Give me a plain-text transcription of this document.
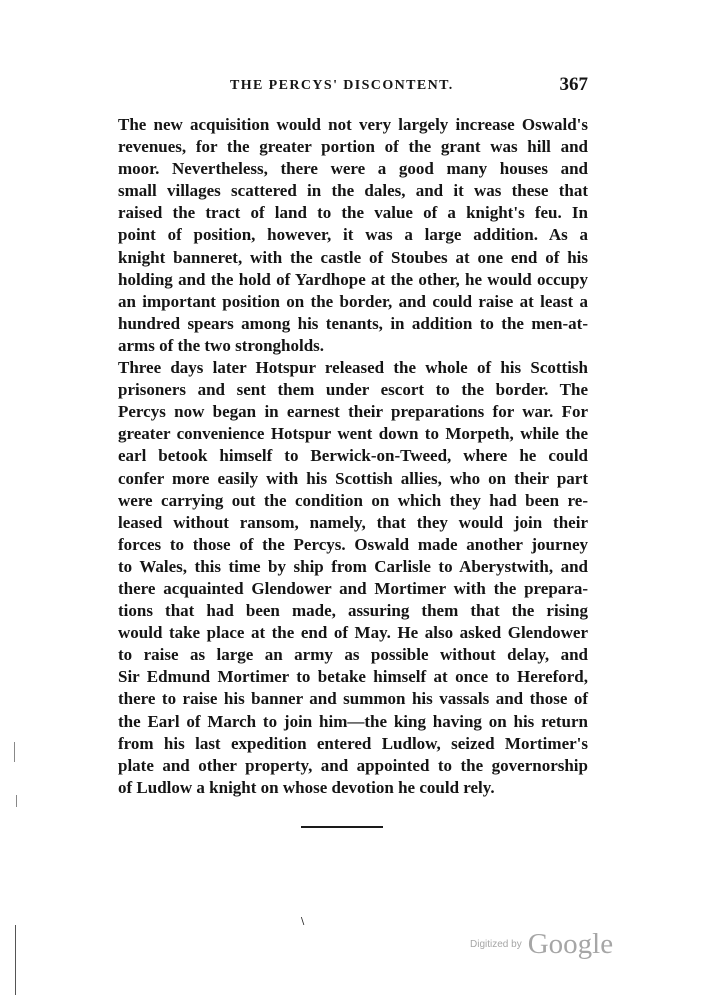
THE PERCYS' DISCONTENT.	367

The new acquisition would not very largely increase Oswald's
revenues, for the greater portion of the grant was hill and
moor. Nevertheless, there were a good many houses and
small villages scattered in the dales, and it was these that
raised the tract of land to the value of a knight's feu. In
point of position, however, it was a large addition. As a
knight banneret, with the castle of Stoubes at one end of his
holding and the hold of Yardhope at the other, he would occupy
an important position on the border, and could raise at least a
hundred spears among his tenants, in addition to the men-at-
arms of the two strongholds.

Three days later Hotspur released the whole of his Scottish
prisoners and sent them under escort to the border. The
Percys now began in earnest their preparations for war. For
greater convenience Hotspur went down to Morpeth, while the
earl betook himself to Berwick-on-Tweed, where he could
confer more easily with his Scottish allies, who on their part
were carrying out the condition on which they had been re-
leased without ransom, namely, that they would join their
forces to those of the Percys. Oswald made another journey
to Wales, this time by ship from Carlisle to Aberystwith, and
there acquainted Glendower and Mortimer with the prepara-
tions that had been made, assuring them that the rising
would take place at the end of May. He also asked Glendower
to raise as large an army as possible without delay, and
Sir Edmund Mortimer to betake himself at once to Hereford,
there to raise his banner and summon his vassals and those of
the Earl of March to join him—the king having on his return
from his last expedition entered Ludlow, seized Mortimer's
plate and other property, and appointed to the governorship
of Ludlow a knight on whose devotion he could rely.

∖
Digitized by Google
